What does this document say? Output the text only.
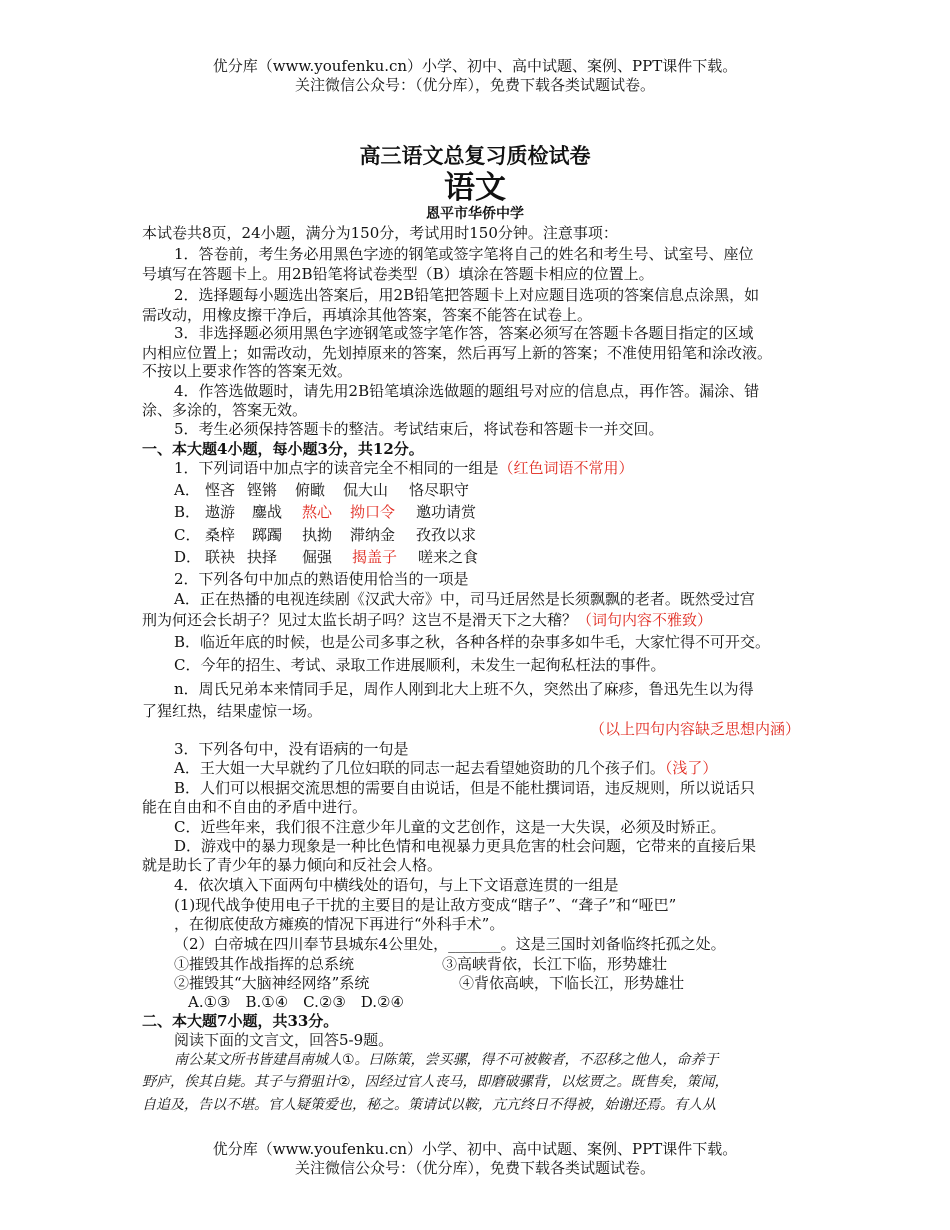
优分库（www.youfenku.cn）小学、初中、高中试题、案例、PPT课件下载。
关注微信公众号：（优分库），免费下载各类试题试卷。
高三语文总复习质检试卷
语文
恩平市华侨中学
本试卷共8页，24小题，满分为150分，考试用时150分钟。注意事项：
1．答卷前，考生务必用黑色字迹的钢笔或签字笔将自己的姓名和考生号、试室号、座位
号填写在答题卡上。用2B铅笔将试卷类型（B）填涂在答题卡相应的位置上。
2．选择题每小题选出答案后，用2B铅笔把答题卡上对应题目选项的答案信息点涂黑，如
需改动，用橡皮擦干净后，再填涂其他答案，答案不能答在试卷上。
3．非选择题必须用黑色字迹钢笔或签字笔作答，答案必须写在答题卡各题目指定的区域
内相应位置上；如需改动，先划掉原来的答案，然后再写上新的答案；不准使用铅笔和涂改液。
不按以上要求作答的答案无效。
4．作答选做题时，请先用2B铅笔填涂选做题的题组号对应的信息点，再作答。漏涂、错
涂、多涂的，答案无效。
5．考生必须保持答题卡的整洁。考试结束后，将试卷和答题卡一并交回。
一、本大题4小题，每小题3分，共12分。
1．下列词语中加点字的读音完全不相同的一组是（红色词语不常用）
A． 悭吝 铿锵 俯瞰 侃大山 恪尽职守
B． 遨游 鏖战 熬心 拗口令 邀功请赏
C． 桑梓 踯躅 执拗 滞纳金 孜孜以求
D． 联袂 抉择 倔强 揭盖子 嗟来之食
2．下列各句中加点的熟语使用恰当的一项是
A．正在热播的电视连续剧《汉武大帝》中，司马迁居然是长须飘飘的老者。既然受过宫
刑为何还会长胡子？见过太监长胡子吗？这岂不是滑天下之大稽？（词句内容不雅致）
B．临近年底的时候，也是公司多事之秋，各种各样的杂事多如牛毛，大家忙得不可开交。
C．今年的招生、考试、录取工作进展顺利，未发生一起徇私枉法的事件。
n．周氏兄弟本来情同手足，周作人刚到北大上班不久，突然出了麻疹，鲁迅先生以为得
了猩红热，结果虚惊一场。
（以上四句内容缺乏思想内涵）
3．下列各句中，没有语病的一句是
A．王大姐一大早就约了几位妇联的同志一起去看望她资助的几个孩子们。（浅了）
B．人们可以根据交流思想的需要自由说话，但是不能杜撰词语，违反规则，所以说话只
能在自由和不自由的矛盾中进行。
C．近些年来，我们很不注意少年儿童的文艺创作，这是一大失误，必须及时矫正。
D．游戏中的暴力现象是一种比色情和电视暴力更具危害的杜会问题，它带来的直接后果
就是助长了青少年的暴力倾向和反社会人格。
4．依次填入下面两句中横线处的语句，与上下文语意连贯的一组是
(1)现代战争使用电子干扰的主要目的是让敌方变成“瞎子”、“聋子”和“哑巴”
，在彻底使敌方瘫痪的情况下再进行“外科手术”。
（2）白帝城在四川奉节县城东4公里处，_______。这是三国时刘备临终托孤之处。
①摧毁其作战指挥的总系统	③高峡背依，长江下临，形势雄壮
②摧毁其“大脑神经网络”系统	④背依高峡，下临长江，形势雄壮
A.①③　B.①④　C.②③　D.②④
二、本大题7小题，共33分。
阅读下面的文言文，回答5-9题。
南公某文所书皆建昌南城人①。曰陈策，尝买骡，得不可被鞍者，不忍移之他人，命养于
野庐，俟其自毙。其子与猾驵计②，因经过官人丧马，即磨破骡背，以炫贾之。既售矣，策闻，
自追及，告以不堪。官人疑策爱也，秘之。策请试以鞍，亢亢终日不得被，始谢还焉。有人从
优分库（www.youfenku.cn）小学、初中、高中试题、案例、PPT课件下载。
关注微信公众号：（优分库），免费下载各类试题试卷。
